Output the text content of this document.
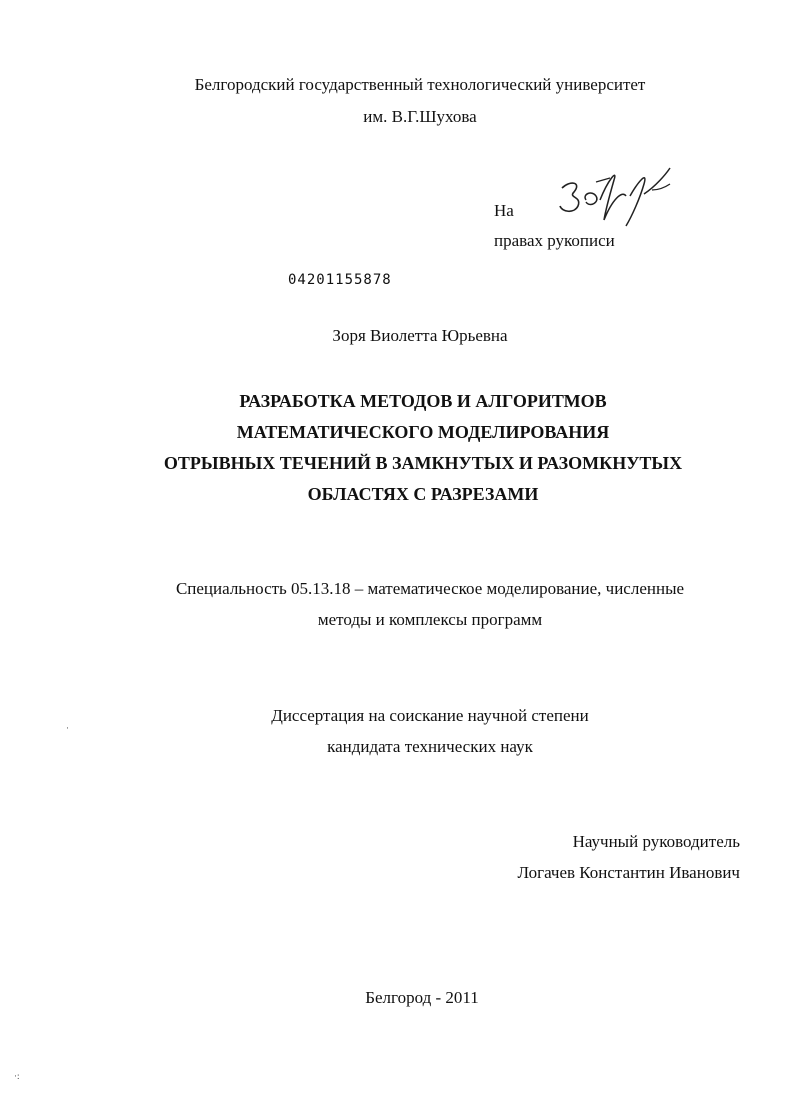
Белгородский государственный технологический университет
им. В.Г.Шухова
На
правах рукописи
04201155878
Зоря Виолетта Юрьевна
РАЗРАБОТКА МЕТОДОВ И АЛГОРИТМОВ
МАТЕМАТИЧЕСКОГО МОДЕЛИРОВАНИЯ
ОТРЫВНЫХ ТЕЧЕНИЙ В ЗАМКНУТЫХ И РАЗОМКНУТЫХ
ОБЛАСТЯХ С РАЗРЕЗАМИ
Специальность 05.13.18 – математическое моделирование, численные
методы и комплексы программ
Диссертация на соискание научной степени
кандидата технических наук
Научный руководитель
Логачев Константин Иванович
Белгород - 2011
·
·:
